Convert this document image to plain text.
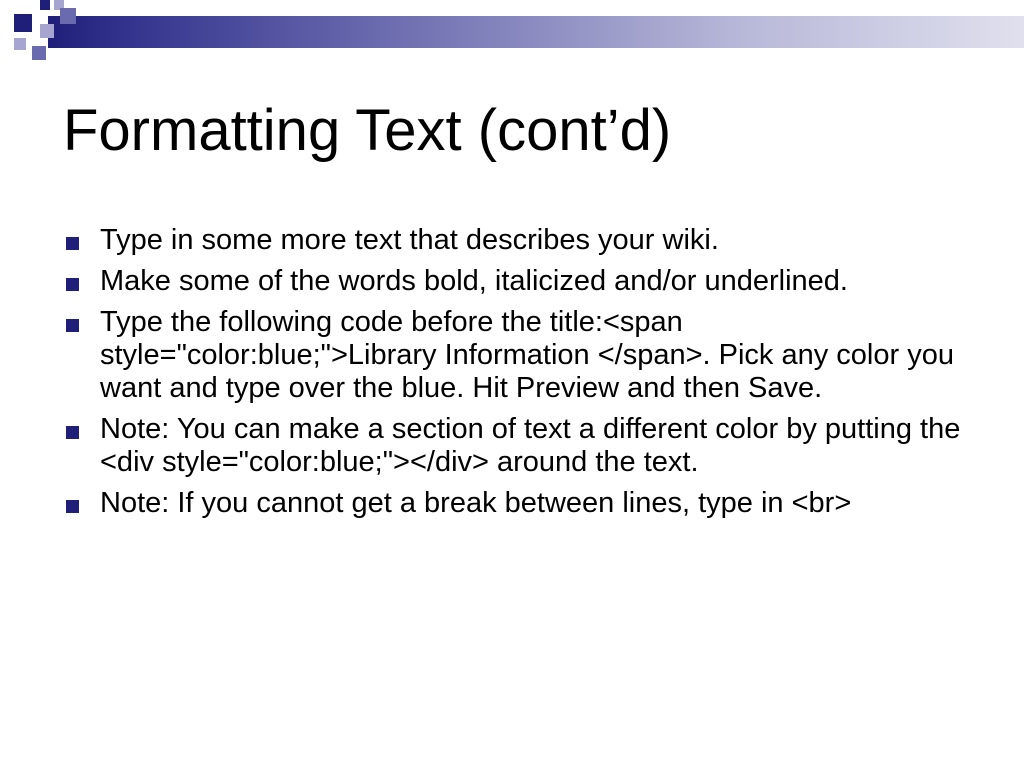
Formatting Text (cont’d)
Type in some more text that describes your wiki.
Make some of the words bold, italicized and/or underlined.
Type the following code before the title:<span style="color:blue;">Library Information </span>. Pick any color you want and type over the blue. Hit Preview and then Save.
Note: You can make a section of text a different color by putting the <div style="color:blue;"></div> around the text.
Note: If you cannot get a break between lines, type in <br>
